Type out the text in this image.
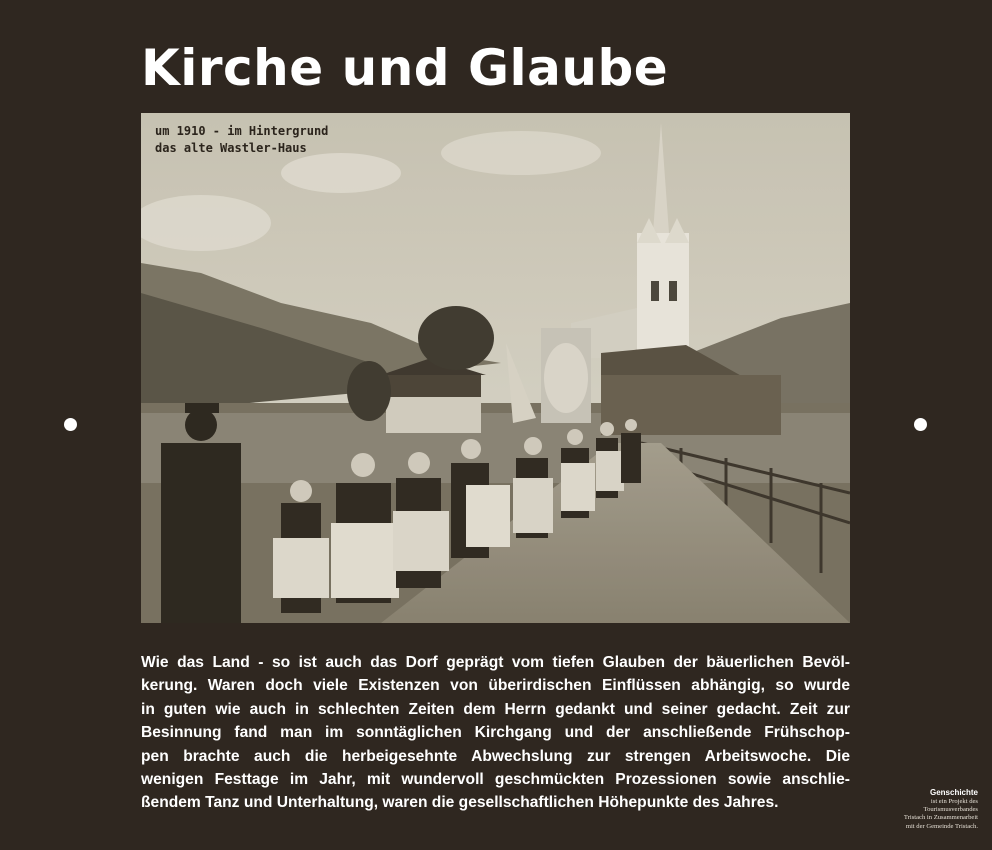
Kirche und Glaube
um 1910 - im Hintergrund
das alte Wastler-Haus
Wie das Land - so ist auch das Dorf geprägt vom tiefen Glauben der bäuerlichen Bevöl-
kerung. Waren doch viele Existenzen von überirdischen Einflüssen abhängig, so wurde
in guten wie auch in schlechten Zeiten dem Herrn gedankt und seiner gedacht. Zeit zur
Besinnung fand man im sonntäglichen Kirchgang und der anschließende Frühschop-
pen brachte auch die herbeigesehnte Abwechslung zur strengen Arbeitswoche. Die
wenigen Festtage im Jahr, mit wundervoll geschmückten Prozessionen sowie anschlie-
ßendem Tanz und Unterhaltung, waren die gesellschaftlichen Höhepunkte des Jahres.
Genschichte
ist ein Projekt des
Tourismusverbandes
Tristach in Zusammenarbeit
mit der Gemeinde Tristach.
